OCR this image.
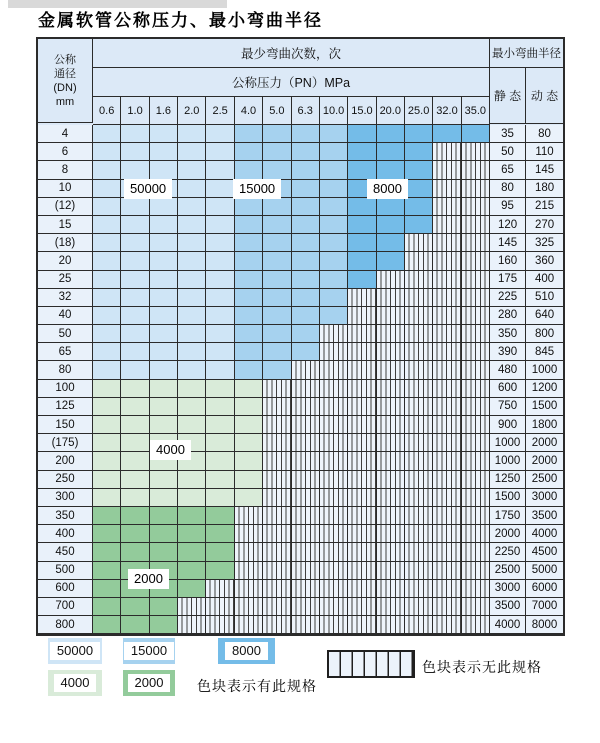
金属软管公称压力、最小弯曲半径
公称
通径
(DN)
mm
最少弯曲次数，次
公称压力（PN）MPa
0.6	1.0	1.6	2.0	2.5	4.0	5.0	6.3 10.0 15.0 20.0 25.0 32.0 35.0
最小弯曲半径
静 态 动 态
4	35	80
6	50	110
8	65	145
10	80	180
(12)	95	215
15	120	270
(18)	145	325
20	160	360
25	175	400
32	225	510
40	280	640
50	350	800
65	390	845
80	480	1000
100	600	1200
125	750	1500
150	900	1800
(175)	1000 2000
200	1000 2000
250	1250 2500
300	1500 3000
350	1750 3500
400	2000 4000
450	2250 4500
500	2500 5000
600	3000 6000
700	3500 7000
800	4000 8000
50000	15000	8000
4000
2000
50000	15000	8000
4000	2000	色块表示有此规格
色块表示无此规格
